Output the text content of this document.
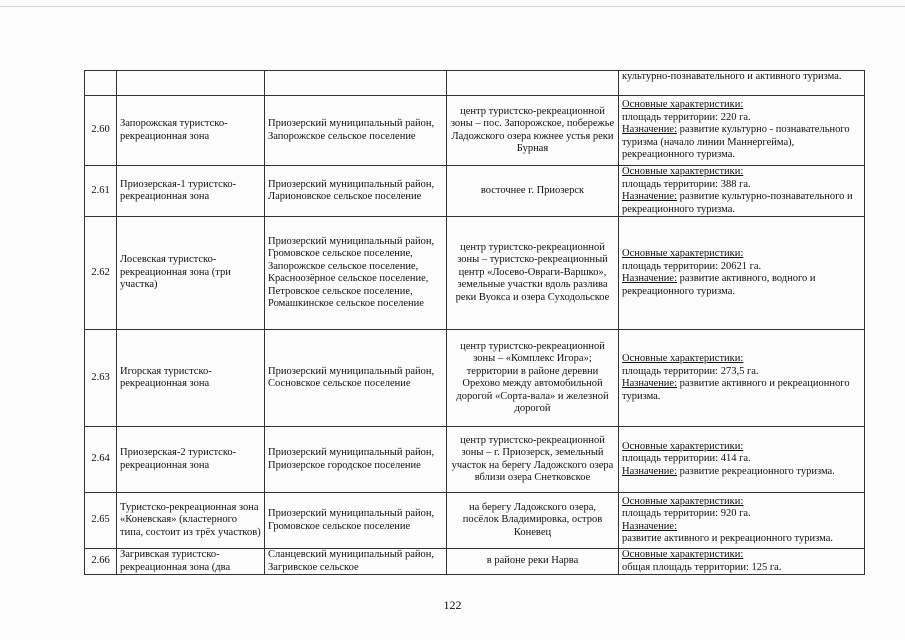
				культурно-познавательного и активного туризма.
2.60	Запорожская туристско-рекреационная зона	Приозерский муниципальный район, Запорожское сельское поселение	центр туристско-рекреационной зоны – пос. Запорожское, побережье Ладожского озера южнее устья реки Бурная	Основные характеристики:
площадь территории: 220 га.
Назначение: развитие культурно - познавательного туризма (начало линии Маннергейма), рекреационного туризма.
2.61	Приозерская-1 туристско-рекреационная зона	Приозерский муниципальный район, Ларионовское сельское поселение	восточнее г. Приозерск	Основные характеристики:
площадь территории: 388 га.
Назначение: развитие культурно-познавательного и рекреационного туризма.
2.62	Лосевская туристско-рекреационная зона (три участка)	Приозерский муниципальный район, Громовское сельское поселение, Запорожское сельское поселение, Красноозёрное сельское поселение, Петровское сельское поселение, Ромашкинское сельское поселение	центр туристско-рекреационной зоны – туристско-рекреационный центр «Лосево-Овраги-Варшко», земельные участки вдоль разлива реки Вуокса и озера Суходольское	Основные характеристики:
площадь территории: 20621 га.
Назначение: развитие активного, водного и рекреационного туризма.
2.63	Игорская туристско-рекреационная зона	Приозерский муниципальный район, Сосновское сельское поселение	центр туристско-рекреационной зоны – «Комплекс Игора»; территории в районе деревни Орехово между автомобильной дорогой «Сорта-вала» и железной дорогой	Основные характеристики:
площадь территории: 273,5 га.
Назначение: развитие активного и рекреационного туризма.
2.64	Приозерская-2 туристско-рекреационная зона	Приозерский муниципальный район, Приозерское городское поселение	центр туристско-рекреационной зоны – г. Приозерск, земельный участок на берегу Ладожского озера вблизи озера Снетковское	Основные характеристики:
площадь территории: 414 га.
Назначение: развитие рекреационного туризма.
2.65	Туристско-рекреационная зона «Коневская» (кластерного типа, состоит из трёх участков)	Приозерский муниципальный район, Громовское сельское поселение	на берегу Ладожского озера, посёлок Владимировка, остров Коневец	Основные характеристики:
площадь территории: 920 га.
Назначение:
развитие активного и рекреационного туризма.
2.66	Загривская туристско-рекреационная зона (два	Сланцевский муниципальный район, Загривское сельское	в районе реки Нарва	Основные характеристики:
общая площадь территории: 125 га.
122
